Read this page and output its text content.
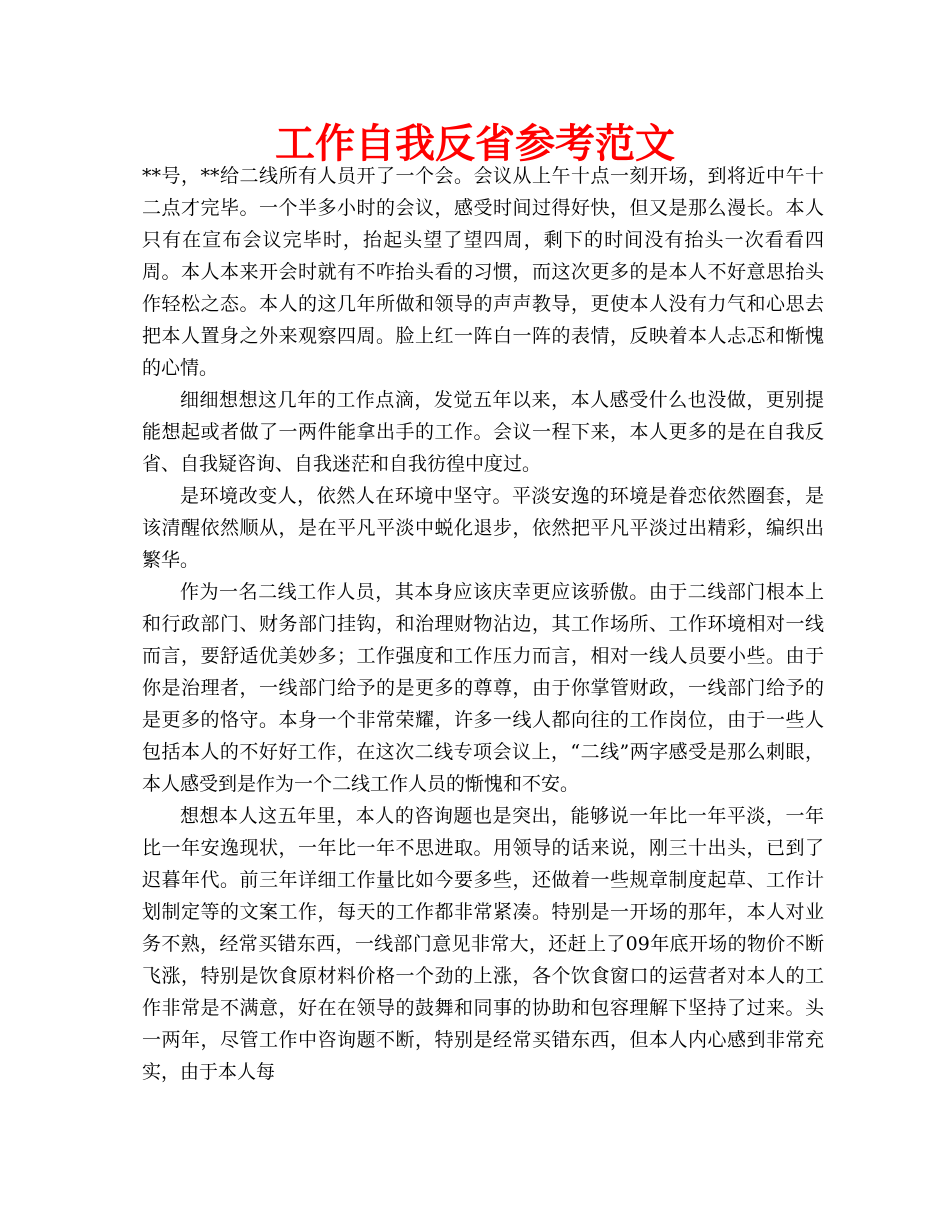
工作自我反省参考范文

**号，**给二线所有人员开了一个会。会议从上午十点一刻开场，到将近中午十二点才完毕。一个半多小时的会议，感受时间过得好快，但又是那么漫长。本人只有在宣布会议完毕时，抬起头望了望四周，剩下的时间没有抬头一次看看四周。本人本来开会时就有不咋抬头看的习惯，而这次更多的是本人不好意思抬头作轻松之态。本人的这几年所做和领导的声声教导，更使本人没有力气和心思去把本人置身之外来观察四周。脸上红一阵白一阵的表情，反映着本人忐忑和惭愧的心情。

细细想想这几年的工作点滴，发觉五年以来，本人感受什么也没做，更别提能想起或者做了一两件能拿出手的工作。会议一程下来，本人更多的是在自我反省、自我疑咨询、自我迷茫和自我彷徨中度过。

是环境改变人，依然人在环境中坚守。平淡安逸的环境是眷恋依然圈套，是该清醒依然顺从，是在平凡平淡中蜕化退步，依然把平凡平淡过出精彩，编织出繁华。

作为一名二线工作人员，其本身应该庆幸更应该骄傲。由于二线部门根本上和行政部门、财务部门挂钩，和治理财物沾边，其工作场所、工作环境相对一线而言，要舒适优美妙多；工作强度和工作压力而言，相对一线人员要小些。由于你是治理者，一线部门给予的是更多的尊尊，由于你掌管财政，一线部门给予的是更多的恪守。本身一个非常荣耀，许多一线人都向往的工作岗位，由于一些人包括本人的不好好工作，在这次二线专项会议上，“二线”两字感受是那么刺眼，本人感受到是作为一个二线工作人员的惭愧和不安。

想想本人这五年里，本人的咨询题也是突出，能够说一年比一年平淡，一年比一年安逸现状，一年比一年不思进取。用领导的话来说，刚三十出头，已到了迟暮年代。前三年详细工作量比如今要多些，还做着一些规章制度起草、工作计划制定等的文案工作，每天的工作都非常紧凑。特别是一开场的那年，本人对业务不熟，经常买错东西，一线部门意见非常大，还赶上了09年底开场的物价不断飞涨，特别是饮食原材料价格一个劲的上涨，各个饮食窗口的运营者对本人的工作非常是不满意，好在在领导的鼓舞和同事的协助和包容理解下坚持了过来。头一两年，尽管工作中咨询题不断，特别是经常买错东西，但本人内心感到非常充实，由于本人每
